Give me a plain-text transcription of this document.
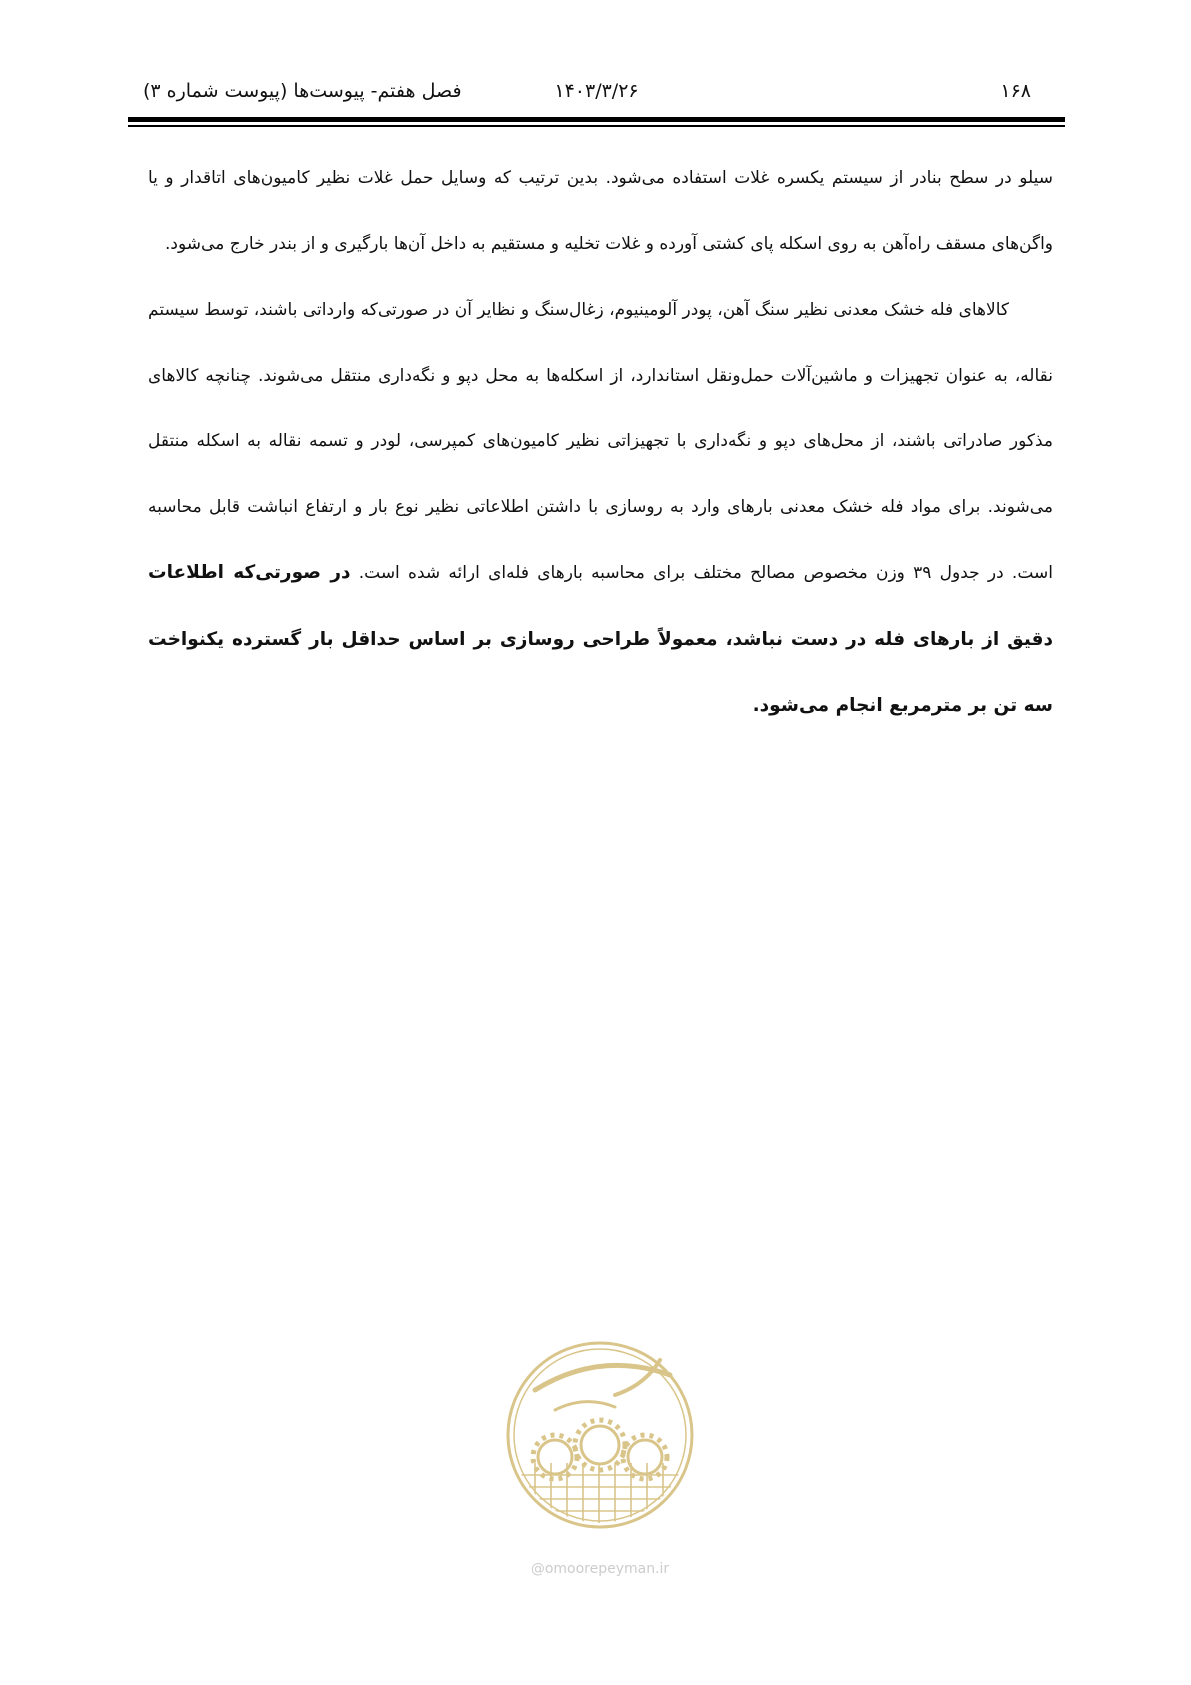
۱۶۸
۱۴۰۳/۳/۲۶
فصل هفتم- پیوست‌ها (پیوست شماره ۳)

سیلو در سطح بنادر از سیستم یکسره غلات استفاده می‌شود. بدین ترتیب که وسایل حمل غلات نظیر کامیون‌های اتاقدار و یا واگن‌های مسقف راه‌آهن به روی اسکله پای کشتی آورده و غلات تخلیه و مستقیم به داخل آن‌ها بارگیری و از بندر خارج می‌شود.

کالاهای فله خشک معدنی نظیر سنگ آهن، پودر آلومینیوم، زغال‌سنگ و نظایر آن در صورتی‌که وارداتی باشند، توسط سیستم نقاله، به عنوان تجهیزات و ماشین‌آلات حمل‌ونقل استاندارد، از اسکله‌ها به محل دپو و نگه‌داری منتقل می‌شوند. چنانچه کالاهای مذکور صادراتی باشند، از محل‌های دپو و نگه‌داری با تجهیزاتی نظیر کامیون‌های کمپرسی، لودر و تسمه نقاله به اسکله منتقل می‌شوند. برای مواد فله خشک معدنی بارهای وارد به روسازی با داشتن اطلاعاتی نظیر نوع بار و ارتفاع انباشت قابل محاسبه است. در جدول ۳۹ وزن مخصوص مصالح مختلف برای محاسبه بارهای فله‌ای ارائه شده است. در صورتی‌که اطلاعات دقیق از بارهای فله در دست نباشد، معمولاً طراحی روسازی بر اساس حداقل بار گسترده یکنواخت سه تن بر مترمربع انجام می‌شود.

@omoorepeyman.ir
